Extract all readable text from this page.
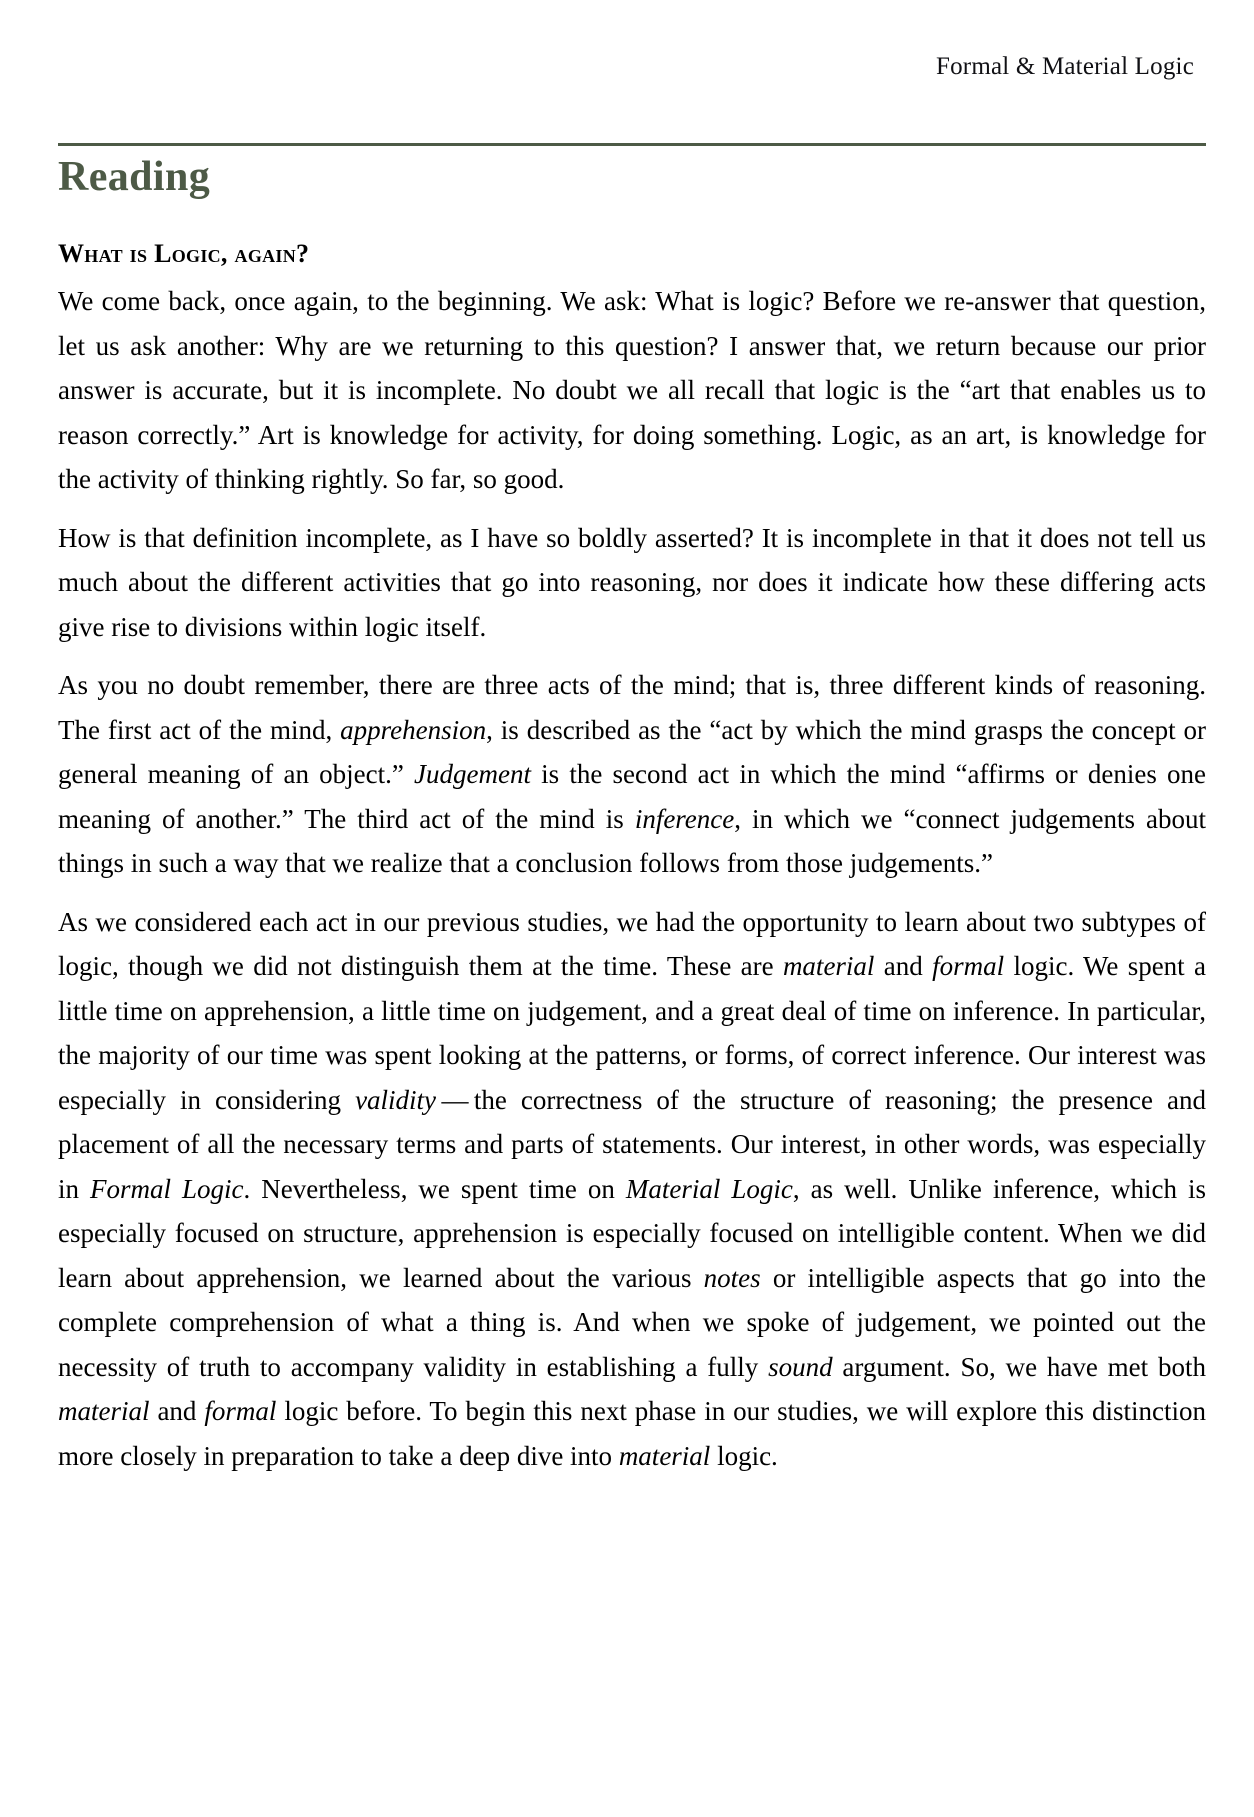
Formal & Material Logic
Reading
What is Logic, again?

We come back, once again, to the beginning. We ask: What is logic? Before we re-answer that question, let us ask another: Why are we returning to this question? I answer that, we return because our prior answer is accurate, but it is incomplete. No doubt we all recall that logic is the “art that enables us to reason correctly.” Art is knowledge for activity, for doing something. Logic, as an art, is knowledge for the activity of thinking rightly. So far, so good.

How is that definition incomplete, as I have so boldly asserted? It is incomplete in that it does not tell us much about the different activities that go into reasoning, nor does it indicate how these differing acts give rise to divisions within logic itself.

As you no doubt remember, there are three acts of the mind; that is, three different kinds of reasoning. The first act of the mind, apprehension, is described as the “act by which the mind grasps the concept or general meaning of an object.” Judgement is the second act in which the mind “affirms or denies one meaning of another.” The third act of the mind is inference, in which we “connect judgements about things in such a way that we realize that a conclusion follows from those judgements.”

As we considered each act in our previous studies, we had the opportunity to learn about two subtypes of logic, though we did not distinguish them at the time. These are material and formal logic. We spent a little time on apprehension, a little time on judgement, and a great deal of time on inference. In particular, the majority of our time was spent looking at the patterns, or forms, of correct inference. Our interest was especially in considering validity — the correctness of the structure of reasoning; the presence and placement of all the necessary terms and parts of statements. Our interest, in other words, was especially in Formal Logic. Nevertheless, we spent time on Material Logic, as well. Unlike inference, which is especially focused on structure, apprehension is especially focused on intelligible content. When we did learn about apprehension, we learned about the various notes or intelligible aspects that go into the complete comprehension of what a thing is. And when we spoke of judgement, we pointed out the necessity of truth to accompany validity in establishing a fully sound argument. So, we have met both material and formal logic before. To begin this next phase in our studies, we will explore this distinction more closely in preparation to take a deep dive into material logic.
